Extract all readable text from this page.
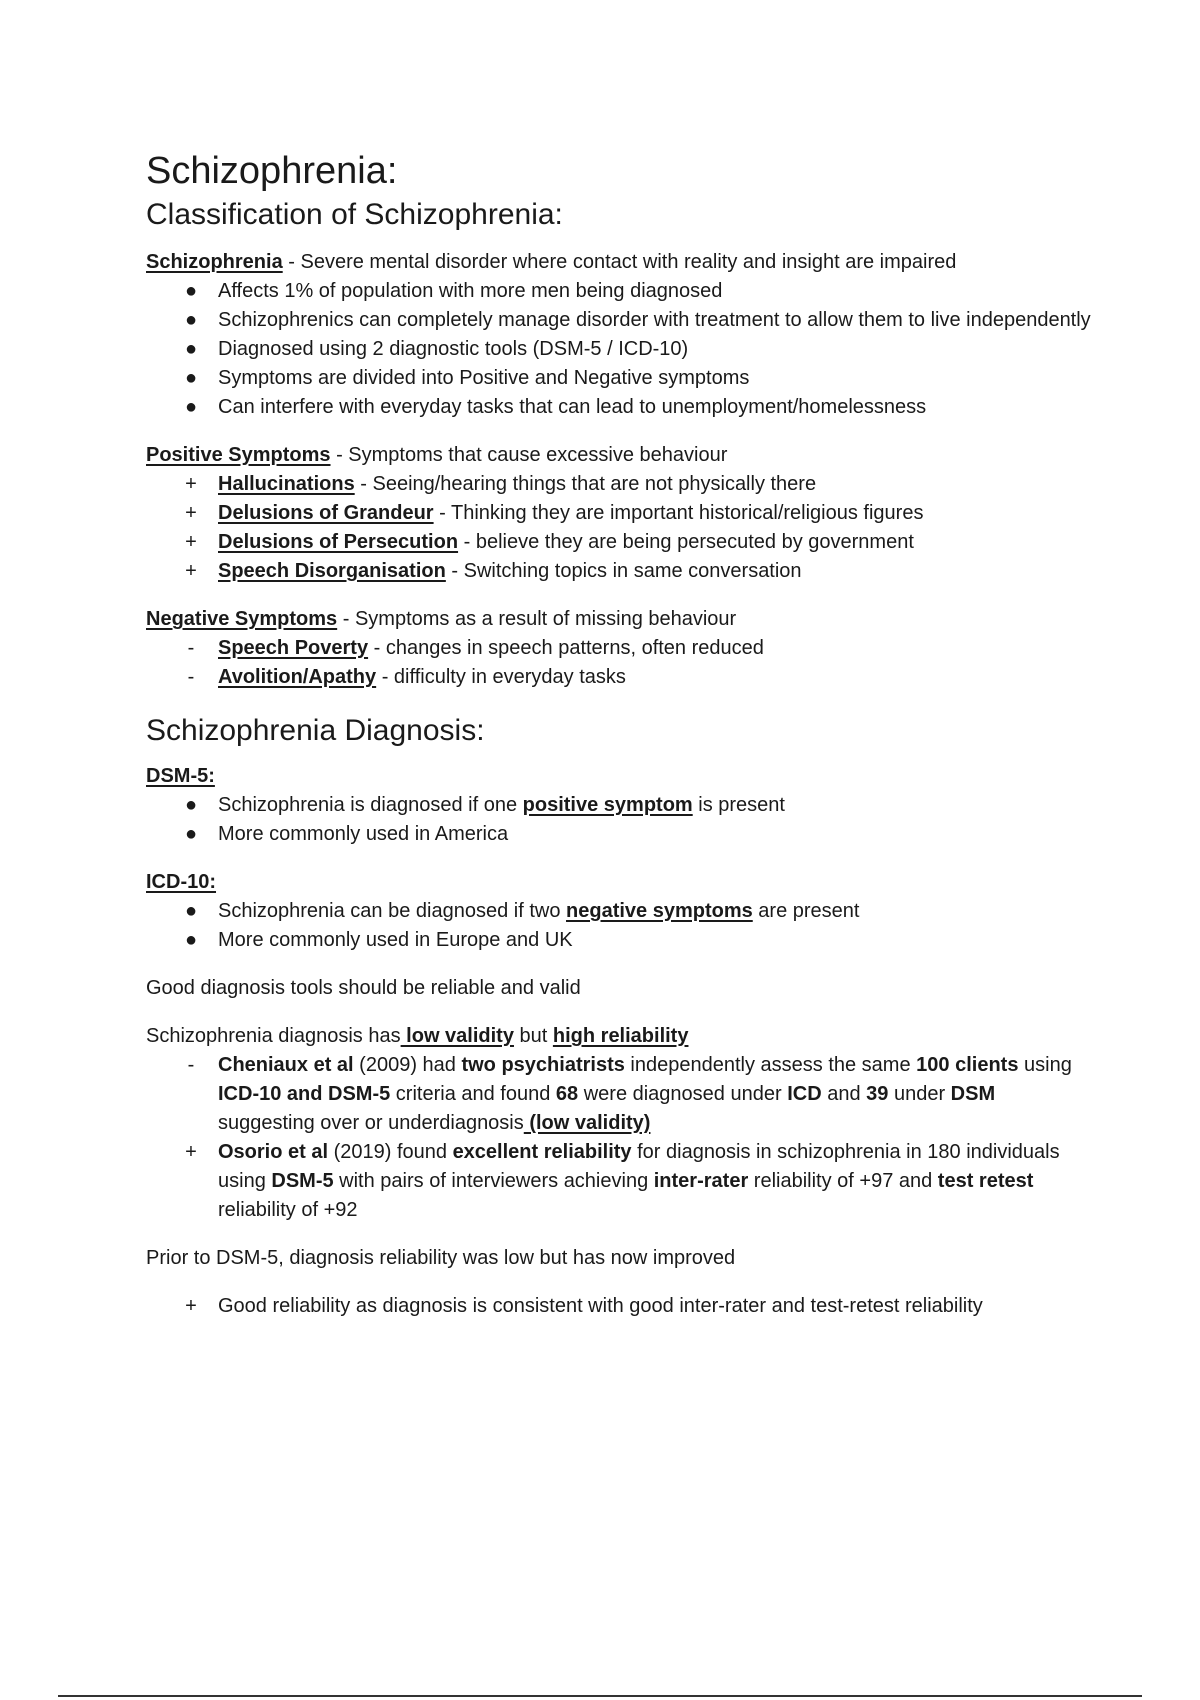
Schizophrenia:
Classification of Schizophrenia:

Schizophrenia - Severe mental disorder where contact with reality and insight are impaired

● Affects 1% of population with more men being diagnosed
● Schizophrenics can completely manage disorder with treatment to allow them to live independently
● Diagnosed using 2 diagnostic tools (DSM-5 / ICD-10)
● Symptoms are divided into Positive and Negative symptoms
● Can interfere with everyday tasks that can lead to unemployment/homelessness

Positive Symptoms - Symptoms that cause excessive behaviour

+ Hallucinations - Seeing/hearing things that are not physically there
+ Delusions of Grandeur - Thinking they are important historical/religious figures
+ Delusions of Persecution - believe they are being persecuted by government
+ Speech Disorganisation - Switching topics in same conversation

Negative Symptoms - Symptoms as a result of missing behaviour

-	Speech Poverty - changes in speech patterns, often reduced
-	Avolition/Apathy - difficulty in everyday tasks
Schizophrenia Diagnosis:

DSM-5:

● Schizophrenia is diagnosed if one positive symptom is present
● More commonly used in America

ICD-10:

● Schizophrenia can be diagnosed if two negative symptoms are present
● More commonly used in Europe and UK

Good diagnosis tools should be reliable and valid

Schizophrenia diagnosis has low validity but high reliability

-	Cheniaux et al (2009) had two psychiatrists independently assess the same 100 clients using ICD-10 and DSM-5 criteria and found 68 were diagnosed under ICD and 39 under DSM  suggesting over or underdiagnosis (low validity)
+ Osorio et al (2019) found excellent reliability for diagnosis in schizophrenia in 180 individuals using DSM-5 with pairs of interviewers achieving inter-rater reliability of +97 and test retest reliability of +92

Prior to DSM-5, diagnosis reliability was low but has now improved

+ Good reliability as diagnosis is consistent with good inter-rater and test-retest reliability
